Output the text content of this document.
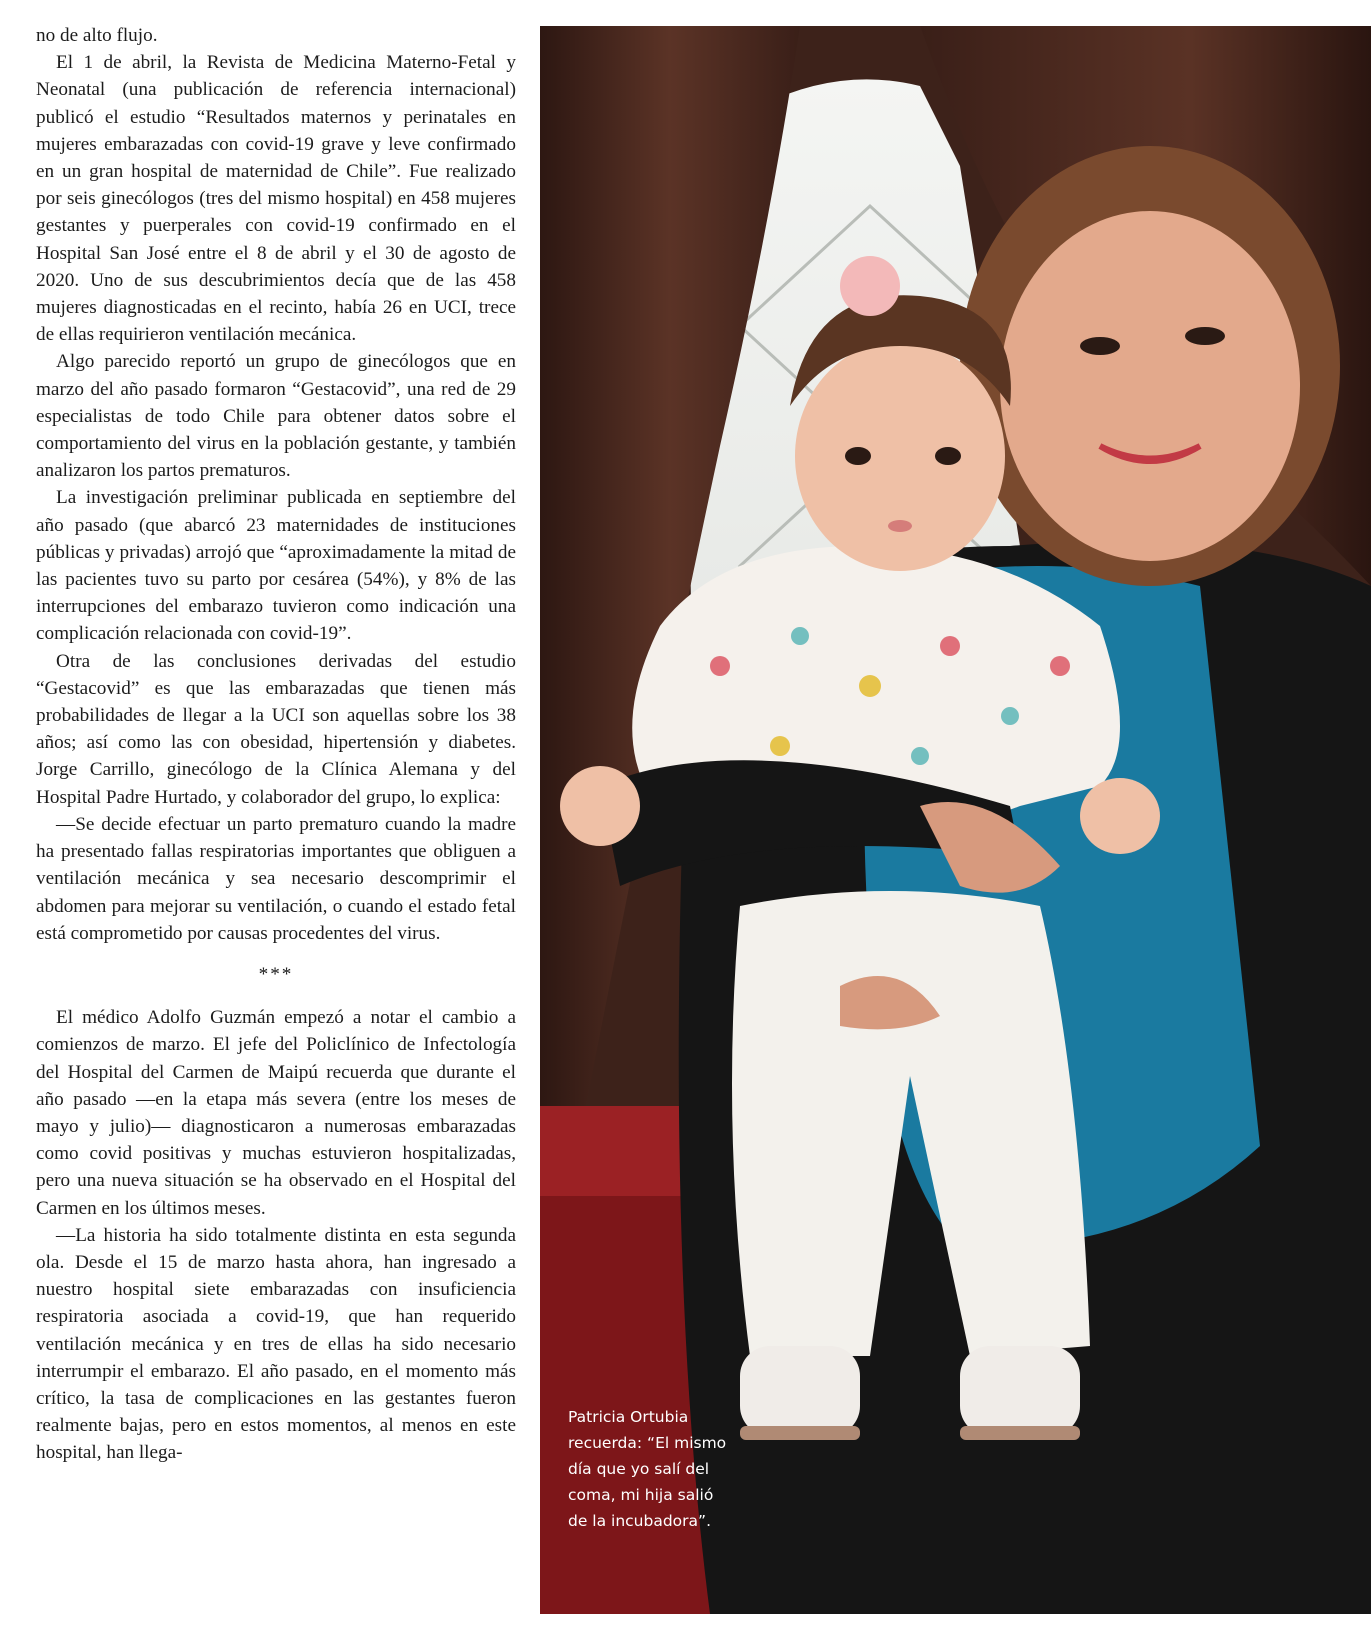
no de alto flujo.

El 1 de abril, la Revista de Medicina Materno-Fetal y Neonatal (una publicación de referencia internacional) publicó el estudio “Resultados maternos y perinatales en mujeres embarazadas con covid-19 grave y leve confirmado en un gran hospital de maternidad de Chile”. Fue realizado por seis ginecólogos (tres del mismo hospital) en 458 mujeres gestantes y puerperales con covid-19 confirmado en el Hospital San José entre el 8 de abril y el 30 de agosto de 2020. Uno de sus descubrimientos decía que de las 458 mujeres diagnosticadas en el recinto, había 26 en UCI, trece de ellas requirieron ventilación mecánica.

Algo parecido reportó un grupo de ginecólogos que en marzo del año pasado formaron “Gestacovid”, una red de 29 especialistas de todo Chile para obtener datos sobre el comportamiento del virus en la población gestante, y también analizaron los partos prematuros.

La investigación preliminar publicada en septiembre del año pasado (que abarcó 23 maternidades de instituciones públicas y privadas) arrojó que “aproximadamente la mitad de las pacientes tuvo su parto por cesárea (54%), y 8% de las interrupciones del embarazo tuvieron como indicación una complicación relacionada con covid-19”.

Otra de las conclusiones derivadas del estudio “Gestacovid” es que las embarazadas que tienen más probabilidades de llegar a la UCI son aquellas sobre los 38 años; así como las con obesidad, hipertensión y diabetes. Jorge Carrillo, ginecólogo de la Clínica Alemana y del Hospital Padre Hurtado, y colaborador del grupo, lo explica:

—Se decide efectuar un parto prematuro cuando la madre ha presentado fallas respiratorias importantes que obliguen a ventilación mecánica y sea necesario descomprimir el abdomen para mejorar su ventilación, o cuando el estado fetal está comprometido por causas procedentes del virus.

***

El médico Adolfo Guzmán empezó a notar el cambio a comienzos de marzo. El jefe del Policlínico de Infectología del Hospital del Carmen de Maipú recuerda que durante el año pasado —en la etapa más severa (entre los meses de mayo y julio)— diagnosticaron a numerosas embarazadas como covid positivas y muchas estuvieron hospitalizadas, pero una nueva situación se ha observado en el Hospital del Carmen en los últimos meses.

—La historia ha sido totalmente distinta en esta segunda ola. Desde el 15 de marzo hasta ahora, han ingresado a nuestro hospital siete embarazadas con insuficiencia respiratoria asociada a covid-19, que han requerido ventilación mecánica y en tres de ellas ha sido necesario interrumpir el embarazo. El año pasado, en el momento más crítico, la tasa de complicaciones en las gestantes fueron realmente bajas, pero en estos momentos, al menos en este hospital, han llega-

Patricia Ortubia recuerda: “El mismo día que yo salí del coma, mi hija salió de la incubadora”.
